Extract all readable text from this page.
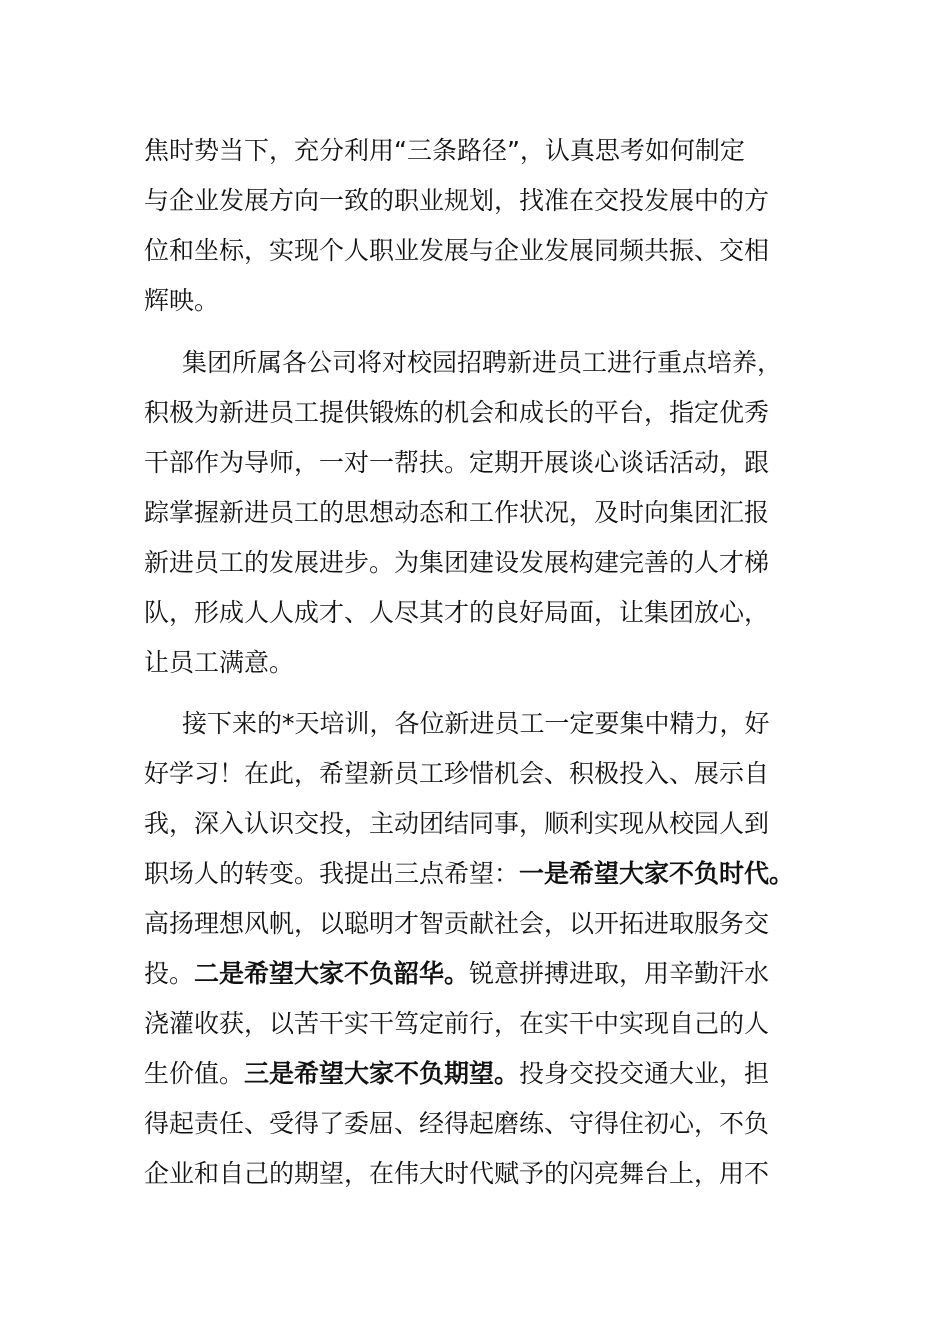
焦时势当下，充分利用“三条路径”，认真思考如何制定
与企业发展方向一致的职业规划，找准在交投发展中的方
位和坐标，实现个人职业发展与企业发展同频共振、交相
辉映。
集团所属各公司将对校园招聘新进员工进行重点培养，
积极为新进员工提供锻炼的机会和成长的平台，指定优秀
干部作为导师，一对一帮扶。定期开展谈心谈话活动，跟
踪掌握新进员工的思想动态和工作状况，及时向集团汇报
新进员工的发展进步。为集团建设发展构建完善的人才梯
队，形成人人成才、人尽其才的良好局面，让集团放心，
让员工满意。
接下来的*天培训，各位新进员工一定要集中精力，好
好学习！在此，希望新员工珍惜机会、积极投入、展示自
我，深入认识交投，主动团结同事，顺利实现从校园人到
职场人的转变。我提出三点希望：一是希望大家不负时代。
高扬理想风帆，以聪明才智贡献社会，以开拓进取服务交
投。二是希望大家不负韶华。锐意拼搏进取，用辛勤汗水
浇灌收获，以苦干实干笃定前行，在实干中实现自己的人
生价值。三是希望大家不负期望。投身交投交通大业，担
得起责任、受得了委屈、经得起磨练、守得住初心，不负
企业和自己的期望，在伟大时代赋予的闪亮舞台上，用不
